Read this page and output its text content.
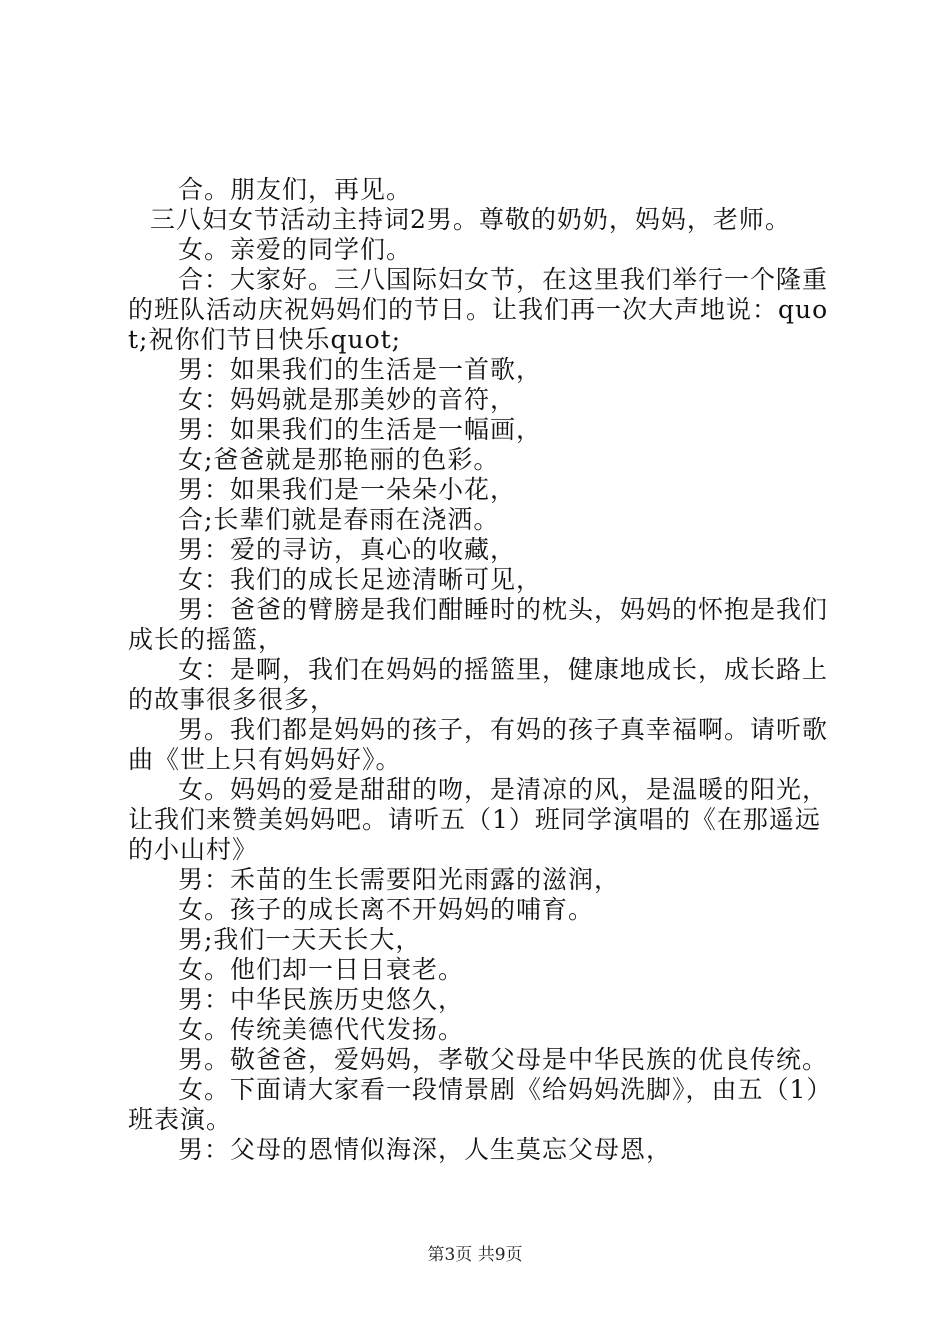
合。朋友们，再见。

三八妇女节活动主持词2男。尊敬的奶奶，妈妈，老师。

女。亲爱的同学们。

合：大家好。三八国际妇女节，在这里我们举行一个隆重的班队活动庆祝妈妈们的节日。让我们再一次大声地说：quot;祝你们节日快乐quot;

男：如果我们的生活是一首歌，

女：妈妈就是那美妙的音符，

男：如果我们的生活是一幅画，

女;爸爸就是那艳丽的色彩。

男：如果我们是一朵朵小花，

合;长辈们就是春雨在浇洒。

男：爱的寻访，真心的收藏，

女：我们的成长足迹清晰可见，

男：爸爸的臂膀是我们酣睡时的枕头，妈妈的怀抱是我们成长的摇篮，

女：是啊，我们在妈妈的摇篮里，健康地成长，成长路上的故事很多很多，

男。我们都是妈妈的孩子，有妈的孩子真幸福啊。请听歌曲《世上只有妈妈好》。

女。妈妈的爱是甜甜的吻，是清凉的风，是温暖的阳光，让我们来赞美妈妈吧。请听五（1）班同学演唱的《在那遥远的小山村》

男：禾苗的生长需要阳光雨露的滋润，

女。孩子的成长离不开妈妈的哺育。

男;我们一天天长大，

女。他们却一日日衰老。

男：中华民族历史悠久，

女。传统美德代代发扬。

男。敬爸爸，爱妈妈，孝敬父母是中华民族的优良传统。

女。下面请大家看一段情景剧《给妈妈洗脚》，由五（1）班表演。

男：父母的恩情似海深，人生莫忘父母恩，

第3页 共9页
